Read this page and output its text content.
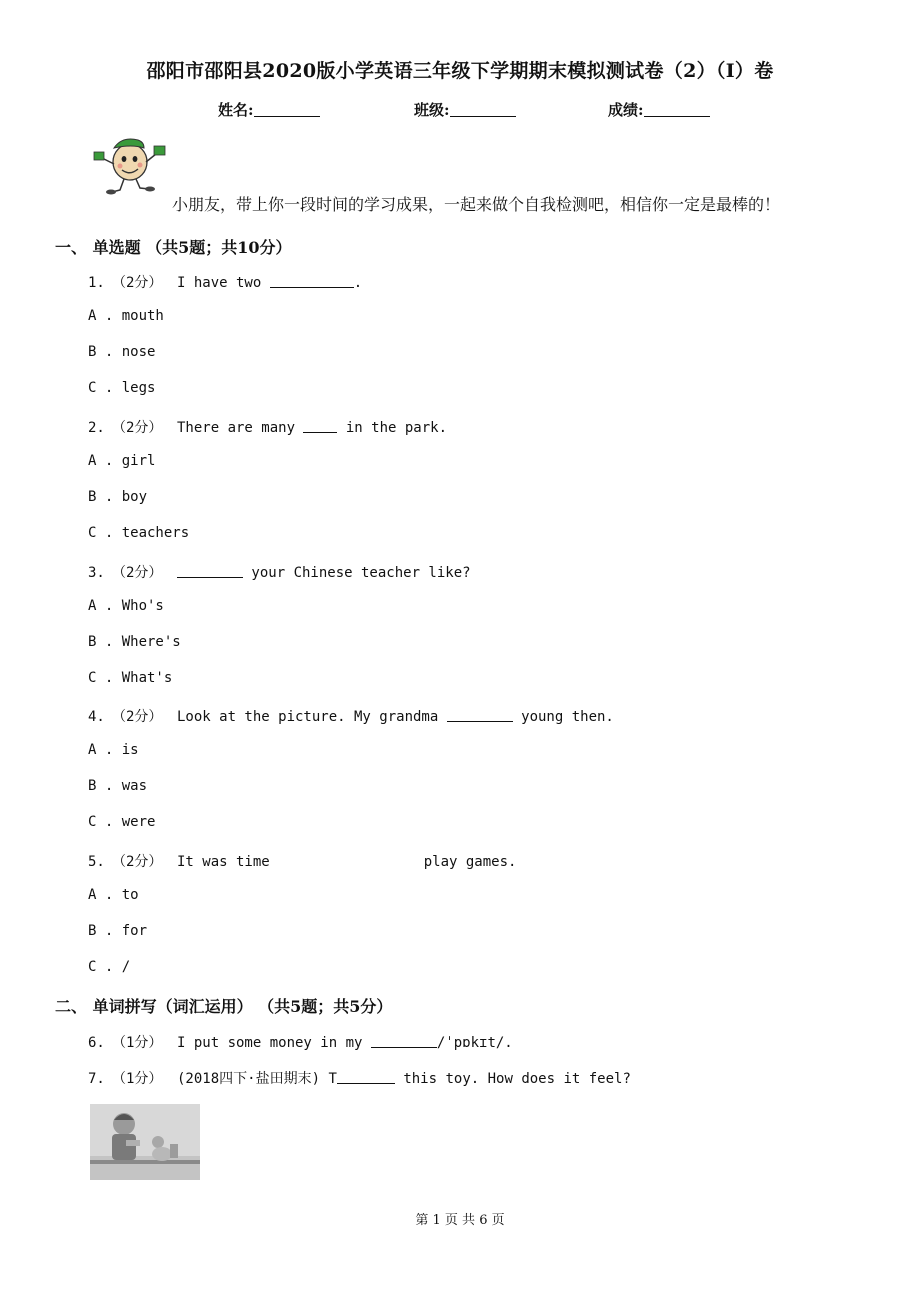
邵阳市邵阳县2020版小学英语三年级下学期期末模拟测试卷（2）（I）卷
姓名:	班级:	成绩:
小朋友，带上你一段时间的学习成果，一起来做个自我检测吧，相信你一定是最棒的！
一、 单选题 （共5题；共10分）
1. （2分） I have two	.
A . mouth
B . nose
C . legs
2. （2分） There are many  in the park.
A . girl
B . boy
C . teachers
3. （2分）	your Chinese teacher like?
A . Who's
B . Where's
C . What's
4. （2分） Look at the picture. My grandma	young then.
A . is
B . was
C . were
5. （2分） It was time	play games.
A . to
B . for
C . /
二、 单词拼写（词汇运用） （共5题；共5分）
6. （1分） I put some money in my	/ˈpɒkɪt/.
7. （1分） (2018四下·盐田期末) T	this toy. How does it feel?
第 1 页 共 6 页
